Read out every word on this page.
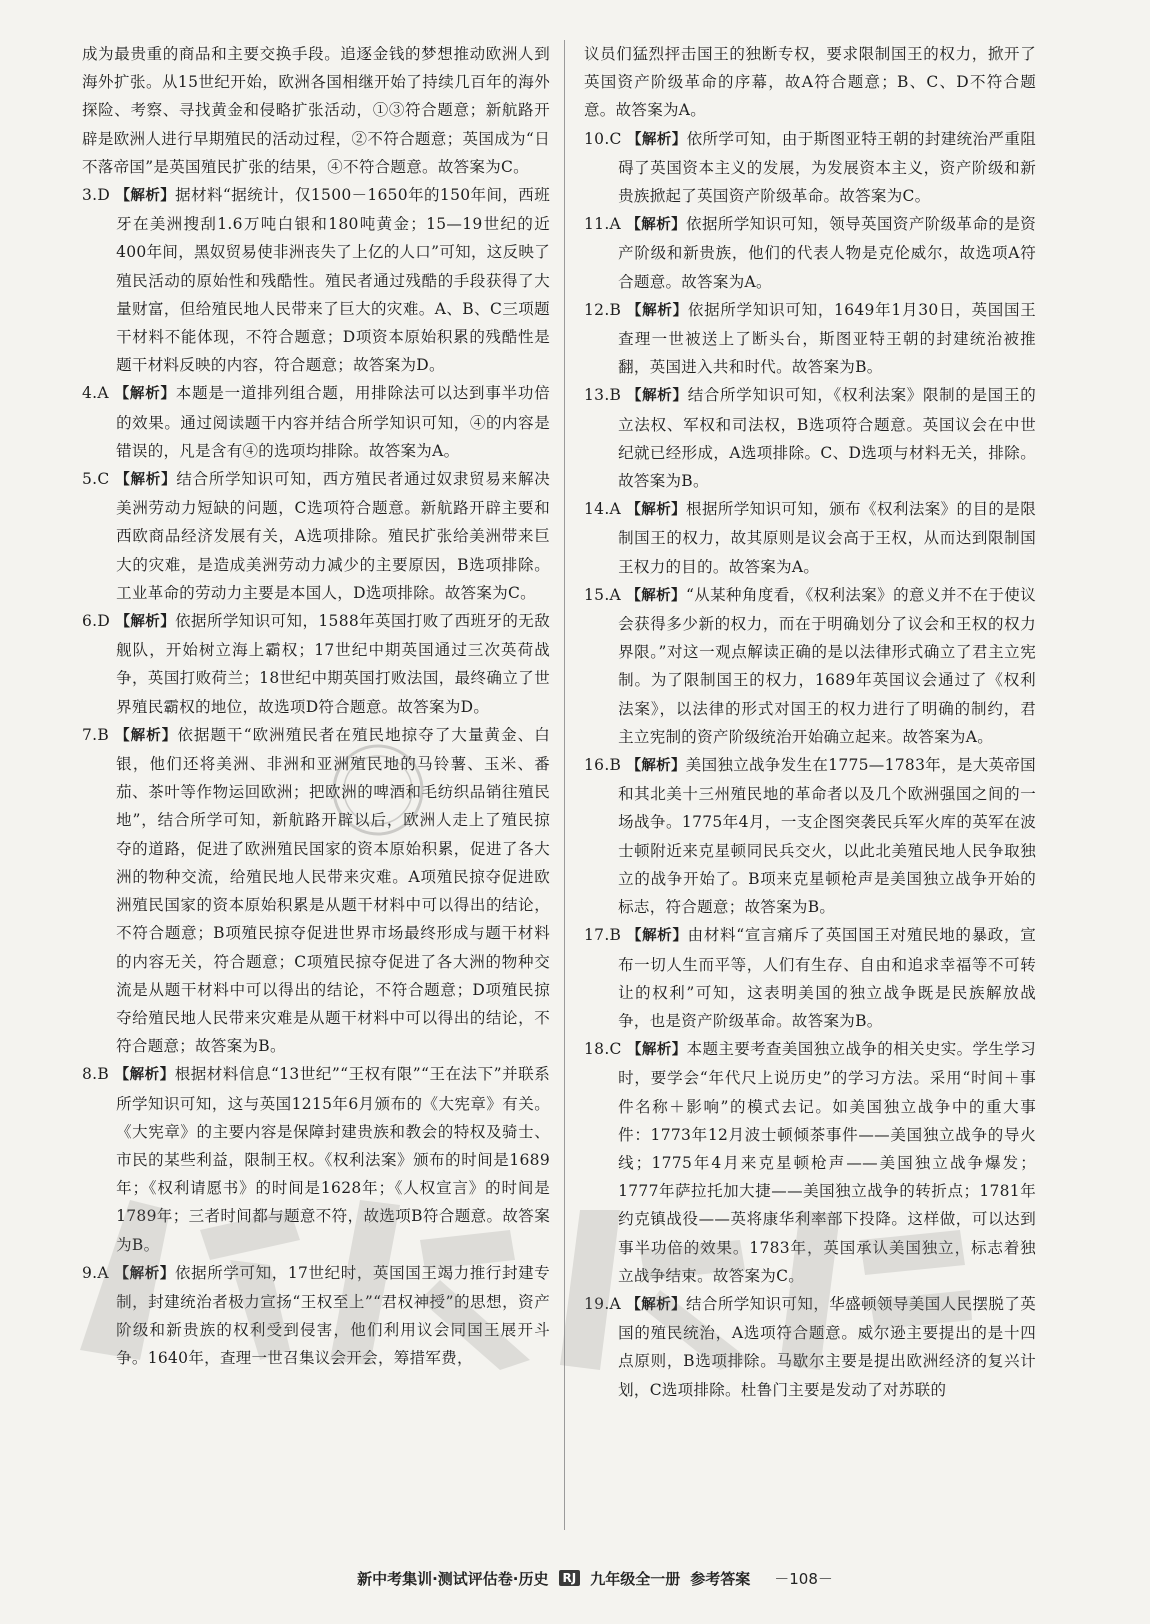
成为最贵重的商品和主要交换手段。追逐金钱的梦想推动欧洲人到海外扩张。从15世纪开始，欧洲各国相继开始了持续几百年的海外探险、考察、寻找黄金和侵略扩张活动，①③符合题意；新航路开辟是欧洲人进行早期殖民的活动过程，②不符合题意；英国成为“日不落帝国”是英国殖民扩张的结果，④不符合题意。故答案为C。

3.D 【解析】据材料“据统计，仅1500－1650年的150年间，西班牙在美洲搜刮1.6万吨白银和180吨黄金；15—19世纪的近400年间，黑奴贸易使非洲丧失了上亿的人口”可知，这反映了殖民活动的原始性和残酷性。殖民者通过残酷的手段获得了大量财富，但给殖民地人民带来了巨大的灾难。A、B、C三项题干材料不能体现，不符合题意；D项资本原始积累的残酷性是题干材料反映的内容，符合题意；故答案为D。

4.A 【解析】本题是一道排列组合题，用排除法可以达到事半功倍的效果。通过阅读题干内容并结合所学知识可知，④的内容是错误的，凡是含有④的选项均排除。故答案为A。

5.C 【解析】结合所学知识可知，西方殖民者通过奴隶贸易来解决美洲劳动力短缺的问题，C选项符合题意。新航路开辟主要和西欧商品经济发展有关，A选项排除。殖民扩张给美洲带来巨大的灾难，是造成美洲劳动力减少的主要原因，B选项排除。工业革命的劳动力主要是本国人，D选项排除。故答案为C。

6.D 【解析】依据所学知识可知，1588年英国打败了西班牙的无敌舰队，开始树立海上霸权；17世纪中期英国通过三次英荷战争，英国打败荷兰；18世纪中期英国打败法国，最终确立了世界殖民霸权的地位，故选项D符合题意。故答案为D。

7.B 【解析】依据题干“欧洲殖民者在殖民地掠夺了大量黄金、白银，他们还将美洲、非洲和亚洲殖民地的马铃薯、玉米、番茄、茶叶等作物运回欧洲；把欧洲的啤酒和毛纺织品销往殖民地”，结合所学可知，新航路开辟以后，欧洲人走上了殖民掠夺的道路，促进了欧洲殖民国家的资本原始积累，促进了各大洲的物种交流，给殖民地人民带来灾难。A项殖民掠夺促进欧洲殖民国家的资本原始积累是从题干材料中可以得出的结论，不符合题意；B项殖民掠夺促进世界市场最终形成与题干材料的内容无关，符合题意；C项殖民掠夺促进了各大洲的物种交流是从题干材料中可以得出的结论，不符合题意；D项殖民掠夺给殖民地人民带来灾难是从题干材料中可以得出的结论，不符合题意；故答案为B。

8.B 【解析】根据材料信息“13世纪”“王权有限”“王在法下”并联系所学知识可知，这与英国1215年6月颁布的《大宪章》有关。《大宪章》的主要内容是保障封建贵族和教会的特权及骑士、市民的某些利益，限制王权。《权利法案》颁布的时间是1689年；《权利请愿书》的时间是1628年；《人权宣言》的时间是1789年；三者时间都与题意不符，故选项B符合题意。故答案为B。

9.A 【解析】依据所学可知，17世纪时，英国国王竭力推行封建专制，封建统治者极力宣扬“王权至上”“君权神授”的思想，资产阶级和新贵族的权利受到侵害，他们利用议会同国王展开斗争。1640年，查理一世召集议会开会，筹措军费，

议员们猛烈抨击国王的独断专权，要求限制国王的权力，掀开了英国资产阶级革命的序幕，故A符合题意；B、C、D不符合题意。故答案为A。

10.C 【解析】依所学可知，由于斯图亚特王朝的封建统治严重阻碍了英国资本主义的发展，为发展资本主义，资产阶级和新贵族掀起了英国资产阶级革命。故答案为C。

11.A 【解析】依据所学知识可知，领导英国资产阶级革命的是资产阶级和新贵族，他们的代表人物是克伦威尔，故选项A符合题意。故答案为A。

12.B 【解析】依据所学知识可知，1649年1月30日，英国国王查理一世被送上了断头台，斯图亚特王朝的封建统治被推翻，英国进入共和时代。故答案为B。

13.B 【解析】结合所学知识可知，《权利法案》限制的是国王的立法权、军权和司法权，B选项符合题意。英国议会在中世纪就已经形成，A选项排除。C、D选项与材料无关，排除。故答案为B。

14.A 【解析】根据所学知识可知，颁布《权利法案》的目的是限制国王的权力，故其原则是议会高于王权，从而达到限制国王权力的目的。故答案为A。

15.A 【解析】“从某种角度看，《权利法案》的意义并不在于使议会获得多少新的权力，而在于明确划分了议会和王权的权力界限。”对这一观点解读正确的是以法律形式确立了君主立宪制。为了限制国王的权力，1689年英国议会通过了《权利法案》，以法律的形式对国王的权力进行了明确的制约，君主立宪制的资产阶级统治开始确立起来。故答案为A。

16.B 【解析】美国独立战争发生在1775—1783年，是大英帝国和其北美十三州殖民地的革命者以及几个欧洲强国之间的一场战争。1775年4月，一支企图突袭民兵军火库的英军在波士顿附近来克星顿同民兵交火，以此北美殖民地人民争取独立的战争开始了。B项来克星顿枪声是美国独立战争开始的标志，符合题意；故答案为B。

17.B 【解析】由材料“宣言痛斥了英国国王对殖民地的暴政，宣布一切人生而平等，人们有生存、自由和追求幸福等不可转让的权利”可知，这表明美国的独立战争既是民族解放战争，也是资产阶级革命。故答案为B。

18.C 【解析】本题主要考查美国独立战争的相关史实。学生学习时，要学会“年代尺上说历史”的学习方法。采用“时间＋事件名称＋影响”的模式去记。如美国独立战争中的重大事件：1773年12月波士顿倾茶事件——美国独立战争的导火线；1775年4月来克星顿枪声——美国独立战争爆发；1777年萨拉托加大捷——美国独立战争的转折点；1781年约克镇战役——英将康华利率部下投降。这样做，可以达到事半功倍的效果。1783年，英国承认美国独立，标志着独立战争结束。故答案为C。

19.A 【解析】结合所学知识可知，华盛顿领导美国人民摆脱了英国的殖民统治，A选项符合题意。威尔逊主要提出的是十四点原则，B选项排除。马歇尔主要是提出欧洲经济的复兴计划，C选项排除。杜鲁门主要是发动了对苏联的

新中考集训·测试评估卷·历史	RJ 九年级全一册 参考答案 －108－
